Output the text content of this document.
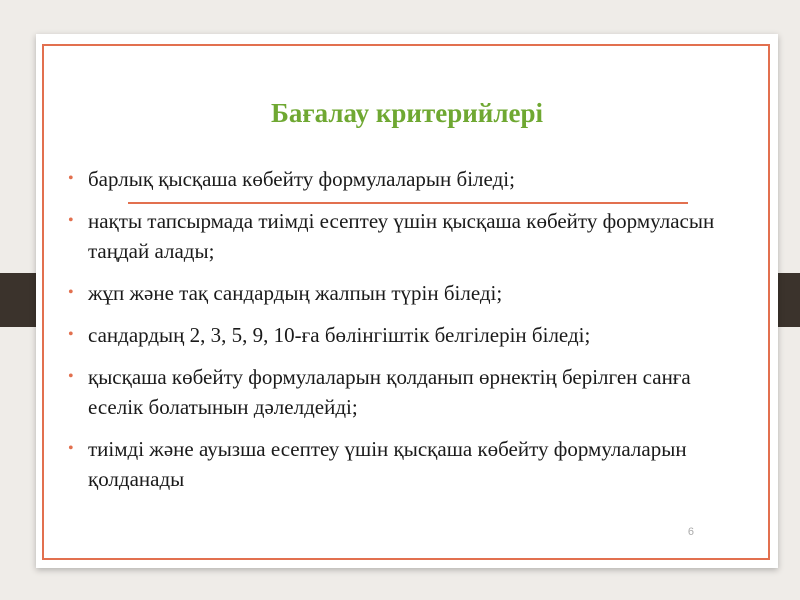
Бағалау критерийлері
• барлық қысқаша көбейту формулаларын біледі;
• нақты тапсырмада тиімді есептеу үшін қысқаша көбейту формуласын таңдай алады;
• жұп және тақ сандардың жалпын түрін біледі;
• сандардың 2, 3, 5, 9, 10-ға бөлінгіштік белгілерін біледі;
• қысқаша көбейту формулаларын қолданып өрнектің берілген санға еселік болатынын дәлелдейді;
• тиімді және ауызша есептеу үшін қысқаша көбейту формулаларын қолданады
6
